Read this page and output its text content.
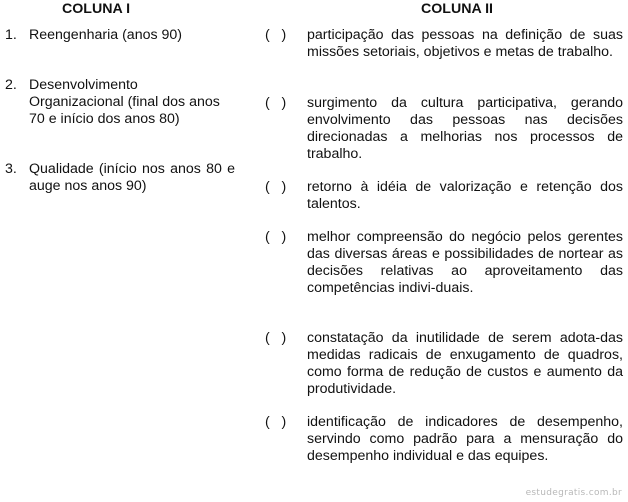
COLUNA I	COLUNA II
1. Reengenharia (anos 90)
2. Desenvolvimento Organizacional (final dos anos 70 e início dos anos 80)
3. Qualidade (início nos anos 80 e auge nos anos 90)
(   )	participação das pessoas na definição de suas missões setoriais, objetivos e metas de trabalho.
(   )	surgimento da cultura participativa, gerando envolvimento das pessoas nas decisões direcionadas a melhorias nos processos de trabalho.
(   )	retorno à idéia de valorização e retenção dos talentos.
(   )	melhor compreensão do negócio pelos gerentes das diversas áreas e possibilidades de nortear as decisões relativas ao aproveitamento das competências indivi-duais.
(   )	constatação da inutilidade de serem adota-das medidas radicais de enxugamento de quadros, como forma de redução de custos e aumento da produtividade.
(   )	identificação de indicadores de desempenho, servindo como padrão para a mensuração do desempenho individual e das equipes.
estudegratis.com.br
